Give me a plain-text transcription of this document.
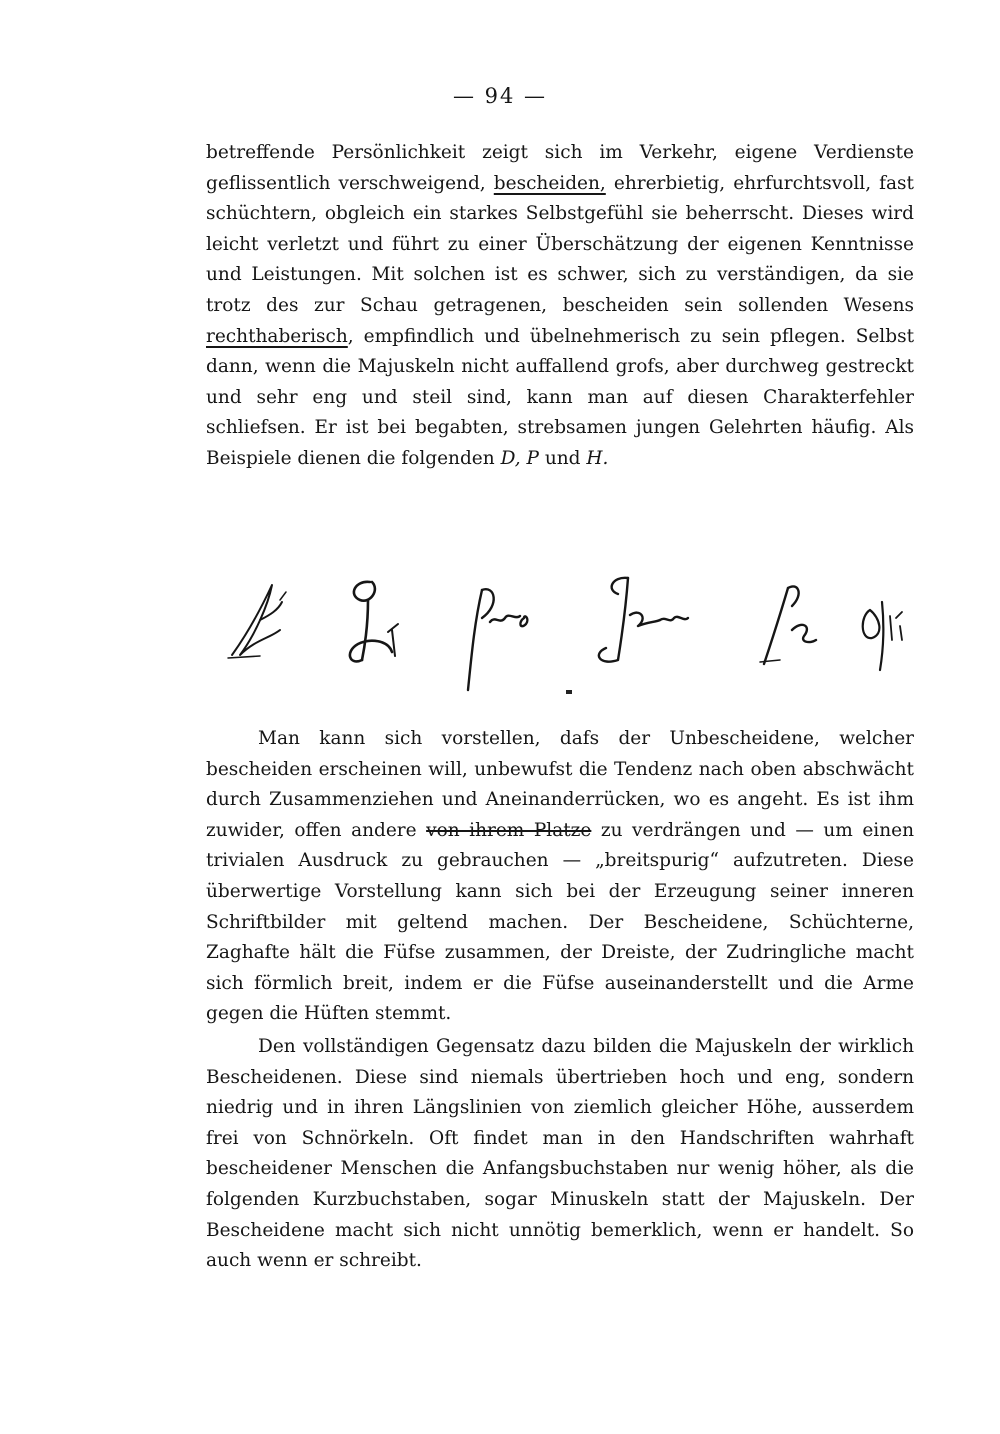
— 94 —

betreffende Persönlichkeit zeigt sich im Verkehr, eigene Verdienste geflissentlich verschweigend, bescheiden, ehrerbietig, ehrfurchtsvoll, fast schüchtern, obgleich ein starkes Selbstgefühl sie beherrscht. Dieses wird leicht verletzt und führt zu einer Überschätzung der eigenen Kenntnisse und Leistungen. Mit solchen ist es schwer, sich zu verständigen, da sie trotz des zur Schau getragenen, bescheiden sein sollenden Wesens rechthaberisch, empfindlich und übelnehmerisch zu sein pflegen. Selbst dann, wenn die Majuskeln nicht auffallend grofs, aber durchweg gestreckt und sehr eng und steil sind, kann man auf diesen Charakterfehler schliefsen. Er ist bei begabten, strebsamen jungen Gelehrten häufig. Als Beispiele dienen die folgenden D, P und H.

Man kann sich vorstellen, dafs der Unbescheidene, welcher bescheiden erscheinen will, unbewufst die Tendenz nach oben abschwächt durch Zusammenziehen und Aneinanderrücken, wo es angeht. Es ist ihm zuwider, offen andere von ihrem Platze zu verdrängen und — um einen trivialen Ausdruck zu gebrauchen — „breitspurig“ aufzutreten. Diese überwertige Vorstellung kann sich bei der Erzeugung seiner inneren Schriftbilder mit geltend machen. Der Bescheidene, Schüchterne, Zaghafte hält die Füfse zusammen, der Dreiste, der Zudringliche macht sich förmlich breit, indem er die Füfse auseinanderstellt und die Arme gegen die Hüften stemmt.

Den vollständigen Gegensatz dazu bilden die Majuskeln der wirklich Bescheidenen. Diese sind niemals übertrieben hoch und eng, sondern niedrig und in ihren Längslinien von ziemlich gleicher Höhe, ausserdem frei von Schnörkeln. Oft findet man in den Handschriften wahrhaft bescheidener Menschen die Anfangsbuchstaben nur wenig höher, als die folgenden Kurzbuchstaben, sogar Minuskeln statt der Majuskeln. Der Bescheidene macht sich nicht unnötig bemerklich, wenn er handelt. So auch wenn er schreibt.
